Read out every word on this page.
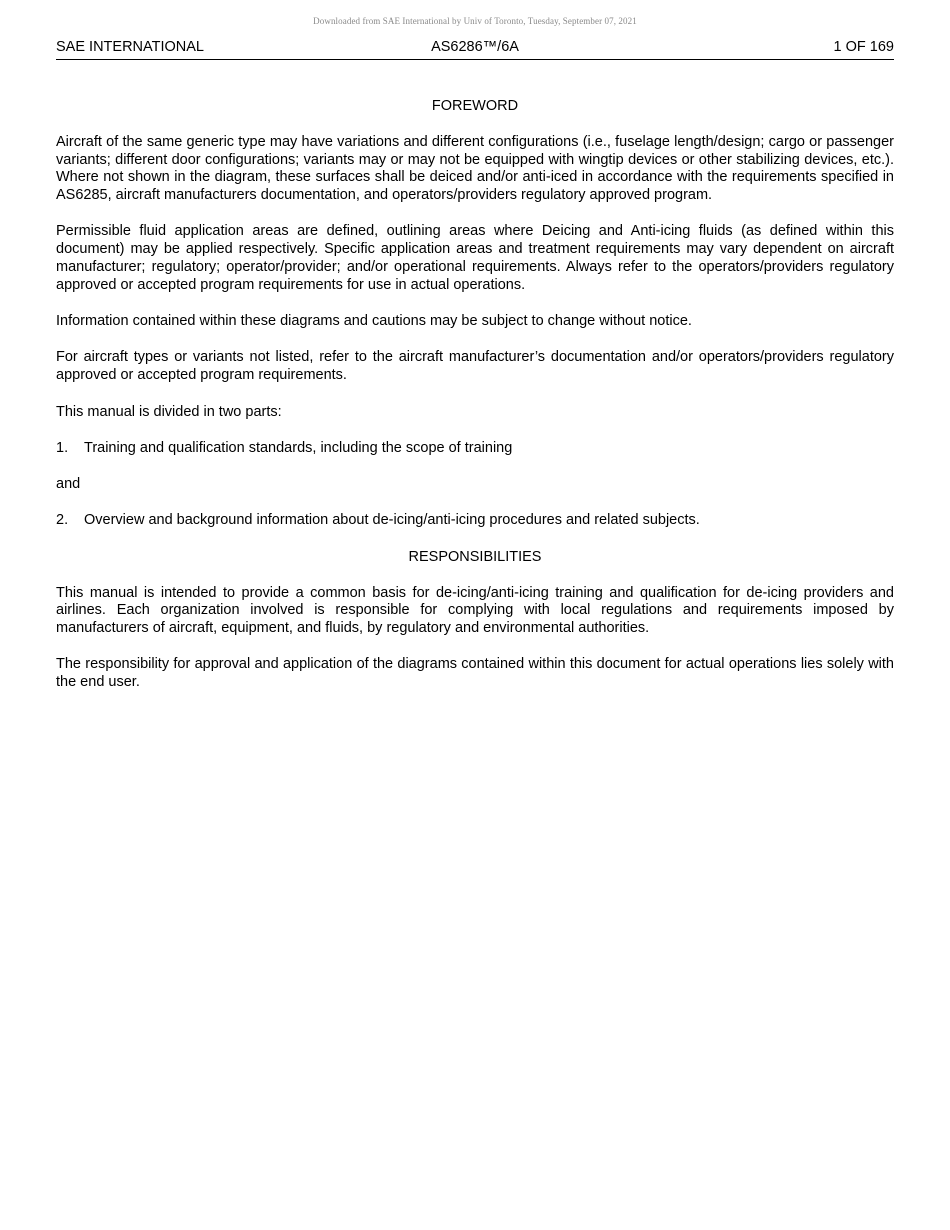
Downloaded from SAE International by Univ of Toronto, Tuesday, September 07, 2021
SAE INTERNATIONAL	AS6286™/6A	1 OF 169
FOREWORD

Aircraft of the same generic type may have variations and different configurations (i.e., fuselage length/design; cargo or passenger variants; different door configurations; variants may or may not be equipped with wingtip devices or other stabilizing devices, etc.). Where not shown in the diagram, these surfaces shall be deiced and/or anti-iced in accordance with the requirements specified in AS6285, aircraft manufacturers documentation, and operators/providers regulatory approved program.

Permissible fluid application areas are defined, outlining areas where Deicing and Anti-icing fluids (as defined within this document) may be applied respectively. Specific application areas and treatment requirements may vary dependent on aircraft manufacturer; regulatory; operator/provider; and/or operational requirements. Always refer to the operators/providers regulatory approved or accepted program requirements for use in actual operations.

Information contained within these diagrams and cautions may be subject to change without notice.

For aircraft types or variants not listed, refer to the aircraft manufacturer’s documentation and/or operators/providers regulatory approved or accepted program requirements.

This manual is divided in two parts:

1.	Training and qualification standards, including the scope of training

and

2.	Overview and background information about de-icing/anti-icing procedures and related subjects.
RESPONSIBILITIES

This manual is intended to provide a common basis for de-icing/anti-icing training and qualification for de-icing providers and airlines. Each organization involved is responsible for complying with local regulations and requirements imposed by manufacturers of aircraft, equipment, and fluids, by regulatory and environmental authorities.

The responsibility for approval and application of the diagrams contained within this document for actual operations lies solely with the end user.
